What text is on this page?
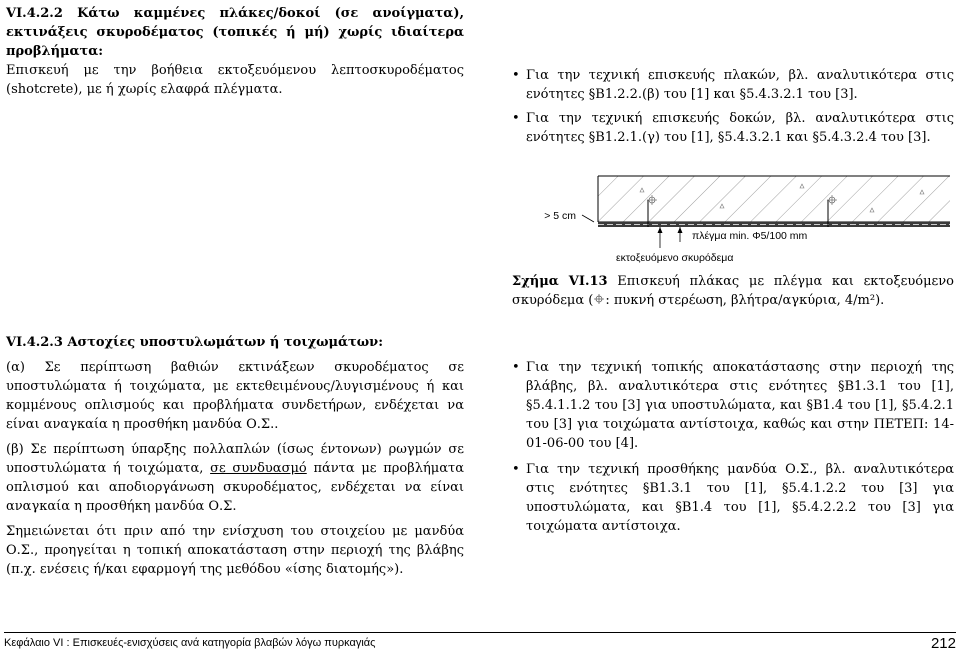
VI.4.2.2 Κάτω καμμένες πλάκες/δοκοί (σε ανοίγματα), εκτινάξεις σκυροδέματος (τοπικές ή μή) χωρίς ιδιαίτερα προβλήματα:

Επισκευή με την βοήθεια εκτοξευόμενου λεπτοσκυροδέματος (shotcrete), με ή χωρίς ελαφρά πλέγματα.

• Για την τεχνική επισκευής πλακών, βλ. αναλυτικότερα στις ενότητες §Β1.2.2.(β) του [1] και §5.4.3.2.1 του [3].

• Για την τεχνική επισκευής δοκών, βλ. αναλυτικότερα στις ενότητες §Β1.2.1.(γ) του [1], §5.4.3.2.1 και §5.4.3.2.4 του [3].

> 5 cm
πλέγμα min. Φ5/100 mm
εκτοξευόμενο σκυρόδεμα

Σχήμα VI.13 Επισκευή πλάκας με πλέγμα και εκτοξευόμενο σκυρόδεμα ( : πυκνή στερέωση, βλήτρα/αγκύρια, 4/m²).

VI.4.2.3 Αστοχίες υποστυλωμάτων ή τοιχωμάτων:

(α) Σε περίπτωση βαθιών εκτινάξεων σκυροδέματος σε υποστυλώματα ή τοιχώματα, με εκτεθειμένους/λυγισμένους ή και κομμένους οπλισμούς και προβλήματα συνδετήρων, ενδέχεται να είναι αναγκαία η προσθήκη μανδύα Ο.Σ..

(β) Σε περίπτωση ύπαρξης πολλαπλών (ίσως έντονων) ρωγμών σε υποστυλώματα ή τοιχώματα, σε συνδυασμό πάντα με προβλήματα οπλισμού και αποδιοργάνωση σκυροδέματος, ενδέχεται να είναι αναγκαία η προσθήκη μανδύα Ο.Σ.

Σημειώνεται ότι πριν από την ενίσχυση του στοιχείου με μανδύα Ο.Σ., προηγείται η τοπική αποκατάσταση στην περιοχή της βλάβης (π.χ. ενέσεις ή/και εφαρμογή της μεθόδου «ίσης διατομής»).

• Για την τεχνική τοπικής αποκατάστασης στην περιοχή της βλάβης, βλ. αναλυτικότερα στις ενότητες §Β1.3.1 του [1], §5.4.1.1.2 του [3] για υποστυλώματα, και §Β1.4 του [1], §5.4.2.1 του [3] για τοιχώματα αντίστοιχα, καθώς και στην ΠΕΤΕΠ: 14-01-06-00 του [4].

• Για την τεχνική προσθήκης μανδύα Ο.Σ., βλ. αναλυτικότερα στις ενότητες §Β1.3.1 του [1], §5.4.1.2.2 του [3] για υποστυλώματα, και §Β1.4 του [1], §5.4.2.2.2 του [3] για τοιχώματα αντίστοιχα.

Κεφάλαιο VI : Επισκευές-ενισχύσεις ανά κατηγορία βλαβών λόγω πυρκαγιάς	212
